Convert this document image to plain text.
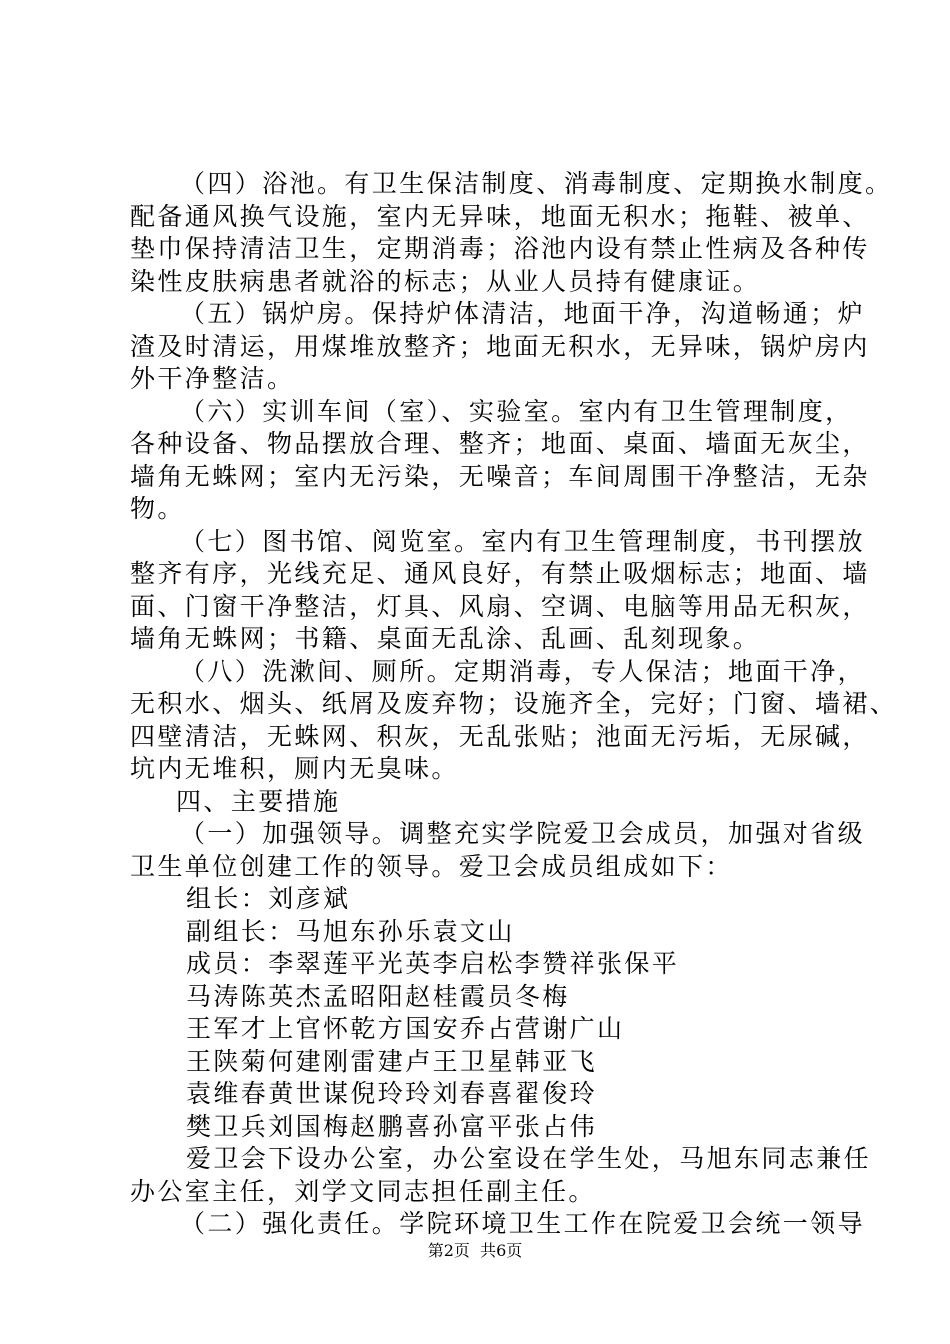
（四）浴池。有卫生保洁制度、消毒制度、定期换水制度。
配备通风换气设施，室内无异味，地面无积水；拖鞋、被单、
垫巾保持清洁卫生，定期消毒；浴池内设有禁止性病及各种传
染性皮肤病患者就浴的标志；从业人员持有健康证。
（五）锅炉房。保持炉体清洁，地面干净，沟道畅通；炉
渣及时清运，用煤堆放整齐；地面无积水，无异味，锅炉房内
外干净整洁。
（六）实训车间（室）、实验室。室内有卫生管理制度，
各种设备、物品摆放合理、整齐；地面、桌面、墙面无灰尘，
墙角无蛛网；室内无污染，无噪音；车间周围干净整洁，无杂
物。
（七）图书馆、阅览室。室内有卫生管理制度，书刊摆放
整齐有序，光线充足、通风良好，有禁止吸烟标志；地面、墙
面、门窗干净整洁，灯具、风扇、空调、电脑等用品无积灰，
墙角无蛛网；书籍、桌面无乱涂、乱画、乱刻现象。
（八）洗漱间、厕所。定期消毒，专人保洁；地面干净，
无积水、烟头、纸屑及废弃物；设施齐全，完好；门窗、墙裙、
四壁清洁，无蛛网、积灰，无乱张贴；池面无污垢，无尿碱，
坑内无堆积，厕内无臭味。
四、主要措施
（一）加强领导。调整充实学院爱卫会成员，加强对省级
卫生单位创建工作的领导。爱卫会成员组成如下：
组长：刘彦斌
副组长：马旭东孙乐袁文山
成员：李翠莲平光英李启松李赞祥张保平
马涛陈英杰孟昭阳赵桂霞员冬梅
王军才上官怀乾方国安乔占营谢广山
王陕菊何建刚雷建卢王卫星韩亚飞
袁维春黄世谋倪玲玲刘春喜翟俊玲
樊卫兵刘国梅赵鹏喜孙富平张占伟
爱卫会下设办公室，办公室设在学生处，马旭东同志兼任
办公室主任，刘学文同志担任副主任。
（二）强化责任。学院环境卫生工作在院爱卫会统一领导
第2页  共6页
